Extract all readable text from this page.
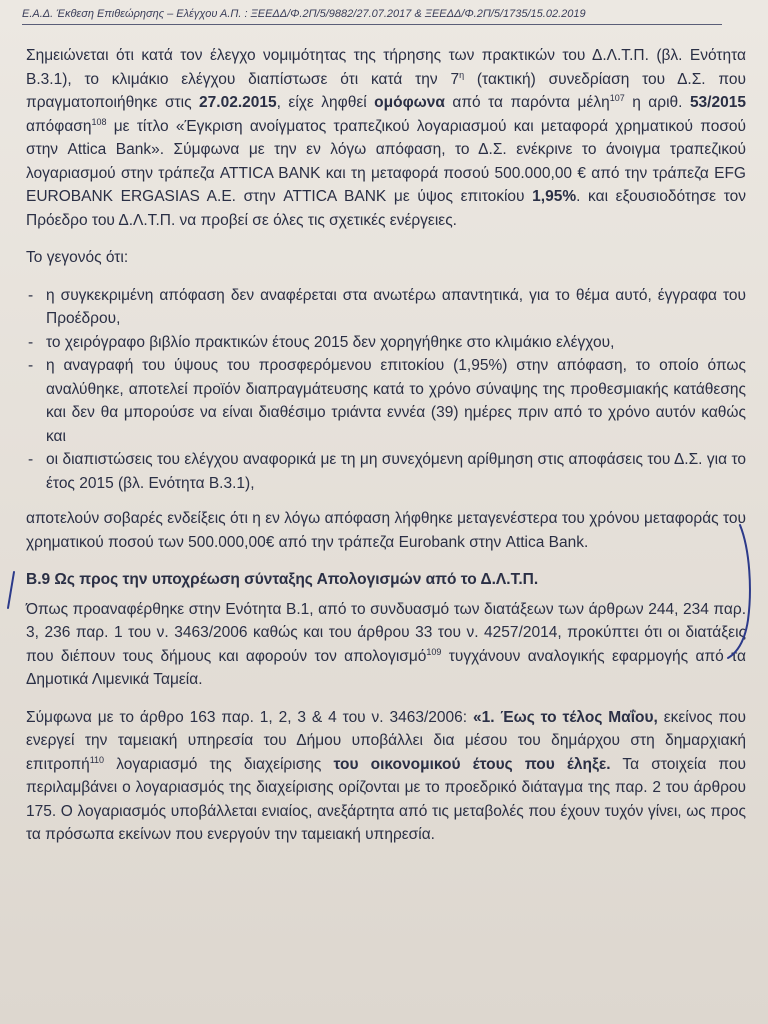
Ε.Α.Δ. Έκθεση Επιθεώρησης – Ελέγχου Α.Π. : ΞΕΕΔΔ/Φ.2Π/5/9882/27.07.2017 & ΞΕΕΔΔ/Φ.2Π/5/1735/15.02.2019

Σημειώνεται ότι κατά τον έλεγχο νομιμότητας της τήρησης των πρακτικών του Δ.Λ.Τ.Π. (βλ. Ενότητα Β.3.1), το κλιμάκιο ελέγχου διαπίστωσε ότι κατά την $7^\eta$ (τακτική) συνεδρίαση του Δ.Σ. που πραγματοποιήθηκε στις 27.02.2015, είχε ληφθεί ομόφωνα από τα παρόντα μέλη$^{107}$ η αριθ. 53/2015 απόφαση$^{108}$ με τίτλο «Έγκριση ανοίγματος τραπεζικού λογαριασμού και μεταφορά χρηματικού ποσού στην Attica Bank». Σύμφωνα με την εν λόγω απόφαση, το Δ.Σ. ενέκρινε το άνοιγμα τραπεζικού λογαριασμού στην τράπεζα ATTICA BANK και τη μεταφορά ποσού 500.000,00 € από την τράπεζα EFG EUROBANK ERGASIAS A.E. στην ATTICA BANK με ύψος επιτοκίου 1,95%. και εξουσιοδότησε τον Πρόεδρο του Δ.Λ.Τ.Π. να προβεί σε όλες τις σχετικές ενέργειες.

Το γεγονός ότι:

- η συγκεκριμένη απόφαση δεν αναφέρεται στα ανωτέρω απαντητικά, για το θέμα αυτό, έγγραφα του Προέδρου,
- το χειρόγραφο βιβλίο πρακτικών έτους 2015 δεν χορηγήθηκε στο κλιμάκιο ελέγχου,
- η αναγραφή του ύψους του προσφερόμενου επιτοκίου (1,95%) στην απόφαση, το οποίο όπως αναλύθηκε, αποτελεί προϊόν διαπραγμάτευσης κατά το χρόνο σύναψης της προθεσμιακής κατάθεσης και δεν θα μπορούσε να είναι διαθέσιμο τριάντα εννέα (39) ημέρες πριν από το χρόνο αυτόν καθώς και
- οι διαπιστώσεις του ελέγχου αναφορικά με τη μη συνεχόμενη αρίθμηση στις αποφάσεις του Δ.Σ. για το έτος 2015 (βλ. Ενότητα Β.3.1),

αποτελούν σοβαρές ενδείξεις ότι η εν λόγω απόφαση λήφθηκε μεταγενέστερα του χρόνου μεταφοράς του χρηματικού ποσού των 500.000,00€ από την τράπεζα Eurobank στην Attica Bank.

Β.9 Ως προς την υποχρέωση σύνταξης Απολογισμών από το Δ.Λ.Τ.Π.

Όπως προαναφέρθηκε στην Ενότητα Β.1, από το συνδυασμό των διατάξεων των άρθρων 244, 234 παρ. 3, 236 παρ. 1 του ν. 3463/2006 καθώς και του άρθρου 33 του ν. 4257/2014, προκύπτει ότι οι διατάξεις που διέπουν τους δήμους και αφορούν τον απολογισμό$^{109}$ τυγχάνουν αναλογικής εφαρμογής από τα Δημοτικά Λιμενικά Ταμεία.

Σύμφωνα με το άρθρο 163 παρ. 1, 2, 3 & 4 του ν. 3463/2006: «1. Έως το τέλος Μαΐου, εκείνος που ενεργεί την ταμειακή υπηρεσία του Δήμου υποβάλλει δια μέσου του δημάρχου στη δημαρχιακή επιτροπή$^{110}$ λογαριασμό της διαχείρισης του οικονομικού έτους που έληξε. Τα στοιχεία που περιλαμβάνει ο λογαριασμός της διαχείρισης ορίζονται με το προεδρικό διάταγμα της παρ. 2 του άρθρου 175. Ο λογαριασμός υποβάλλεται ενιαίος, ανεξάρτητα από τις μεταβολές που έχουν τυχόν γίνει, ως προς τα πρόσωπα εκείνων που ενεργούν την ταμειακή υπηρεσία.
